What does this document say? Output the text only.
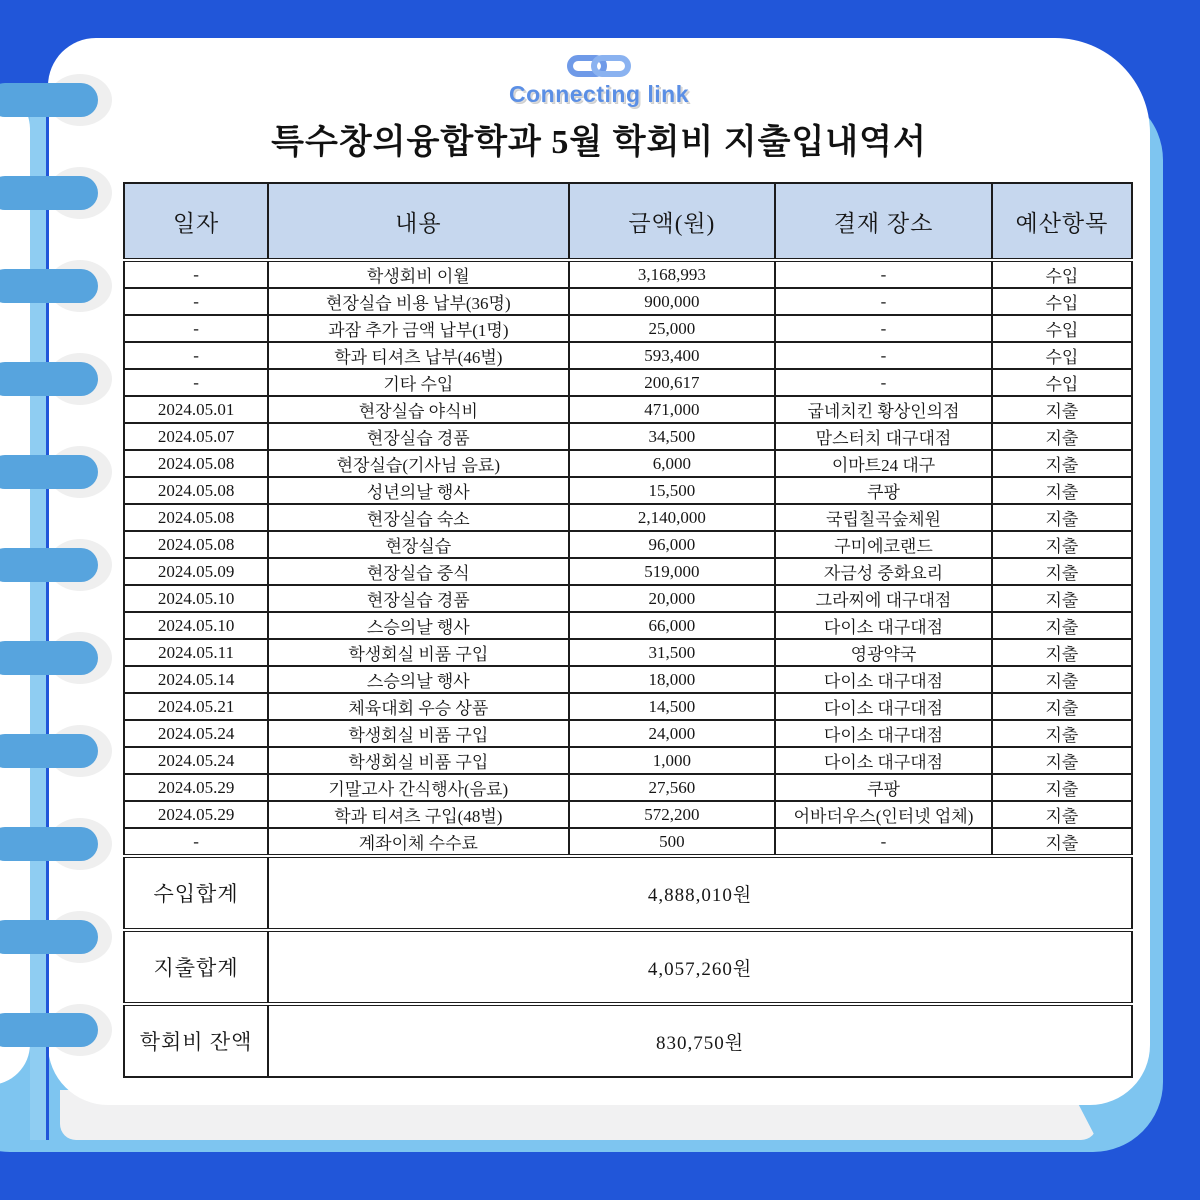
Connecting link
특수창의융합학과 5월 학회비 지출입내역서
일자	내용	금액(원)	결재 장소	예산항목
-	학생회비 이월	3,168,993	-	수입
-	현장실습 비용 납부(36명)	900,000	-	수입
-	과잠 추가 금액 납부(1명)	25,000	-	수입
-	학과 티셔츠 납부(46벌)	593,400	-	수입
-	기타 수입	200,617	-	수입
2024.05.01	현장실습 야식비	471,000	굽네치킨 황상인의점	지출
2024.05.07	현장실습 경품	34,500	맘스터치 대구대점	지출
2024.05.08	현장실습(기사님 음료)	6,000	이마트24 대구	지출
2024.05.08	성년의날 행사	15,500	쿠팡	지출
2024.05.08	현장실습 숙소	2,140,000	국립칠곡숲체원	지출
2024.05.08	현장실습	96,000	구미에코랜드	지출
2024.05.09	현장실습 중식	519,000	자금성 중화요리	지출
2024.05.10	현장실습 경품	20,000	그라찌에 대구대점	지출
2024.05.10	스승의날 행사	66,000	다이소 대구대점	지출
2024.05.11	학생회실 비품 구입	31,500	영광약국	지출
2024.05.14	스승의날 행사	18,000	다이소 대구대점	지출
2024.05.21	체육대회 우승 상품	14,500	다이소 대구대점	지출
2024.05.24	학생회실 비품 구입	24,000	다이소 대구대점	지출
2024.05.24	학생회실 비품 구입	1,000	다이소 대구대점	지출
2024.05.29	기말고사 간식행사(음료)	27,560	쿠팡	지출
2024.05.29	학과 티셔츠 구입(48벌)	572,200	어바더우스(인터넷 업체)	지출
-	계좌이체 수수료	500	-	지출
수입합계	4,888,010원			
지출합계	4,057,260원			
학회비 잔액	830,750원			
